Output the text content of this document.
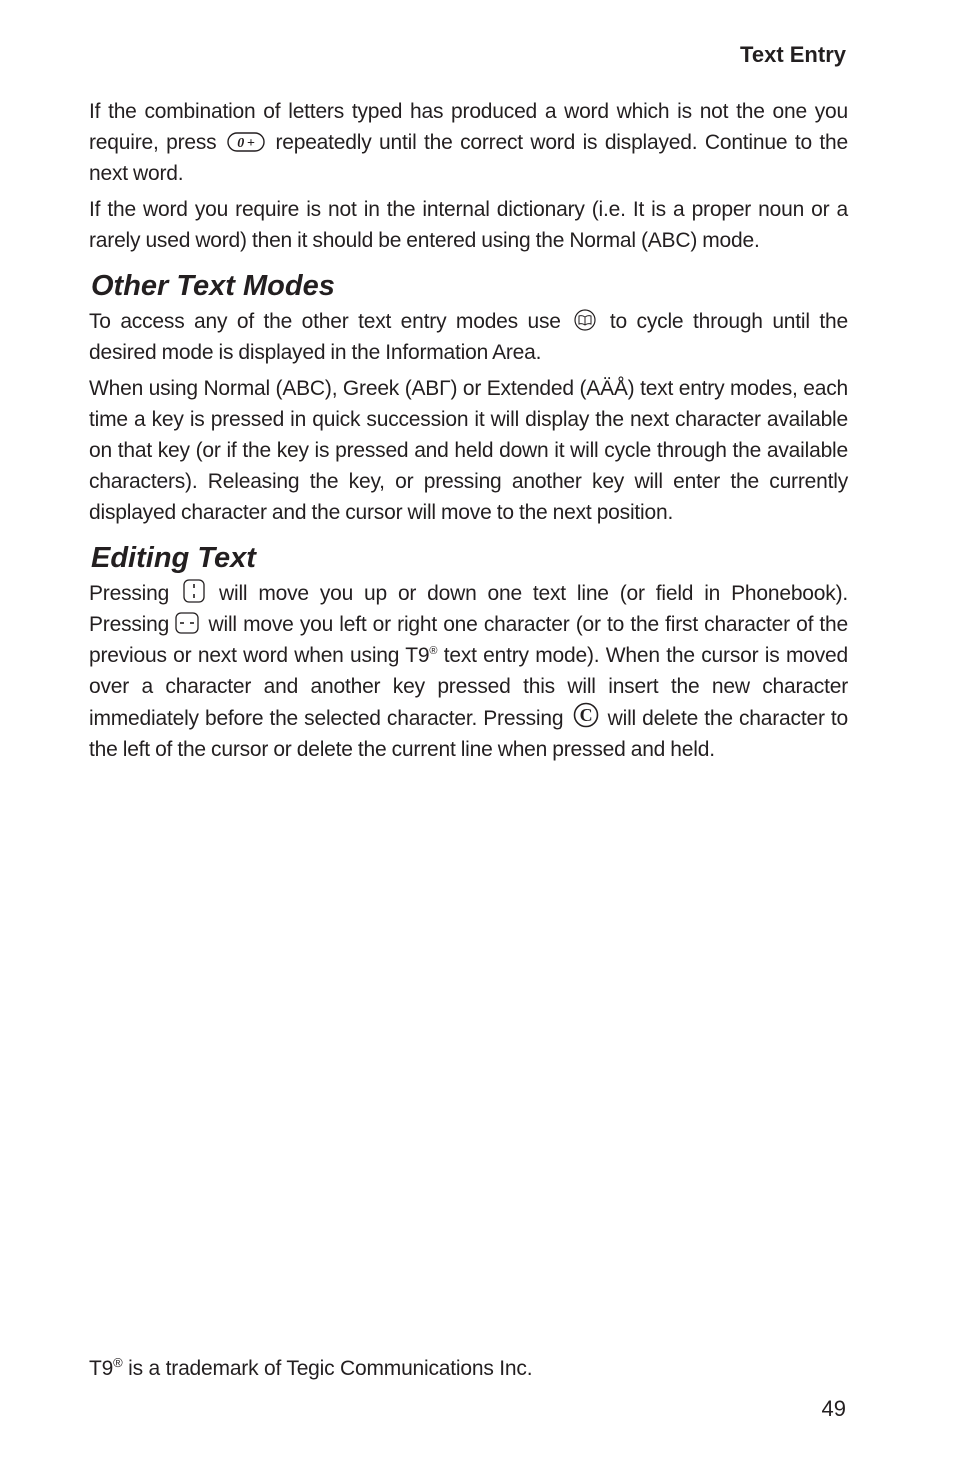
Text Entry

If the combination of letters typed has produced a word which is not the one you require, press 0 + repeatedly until the correct word is displayed. Continue to the next word.

If the word you require is not in the internal dictionary (i.e. It is a proper noun or a rarely used word) then it should be entered using the Normal (ABC) mode.

Other Text Modes

To access any of the other text entry modes use to cycle through until the desired mode is displayed in the Information Area.

When using Normal (ABC), Greek (ΑΒΓ) or Extended (AÄÅ) text entry modes, each time a key is pressed in quick succession it will display the next character available on that key (or if the key is pressed and held down it will cycle through the available characters). Releasing the key, or pressing another key will enter the currently displayed character and the cursor will move to the next position.

Editing Text

Pressing will move you up or down one text line (or field in Phonebook). Pressing will move you left or right one character (or to the first character of the previous or next word when using T9® text entry mode). When the cursor is moved over a character and another key pressed this will insert the new character immediately before the selected character. Pressing C will delete the character to the left of the cursor or delete the current line when pressed and held.

T9® is a trademark of Tegic Communications Inc.

49
